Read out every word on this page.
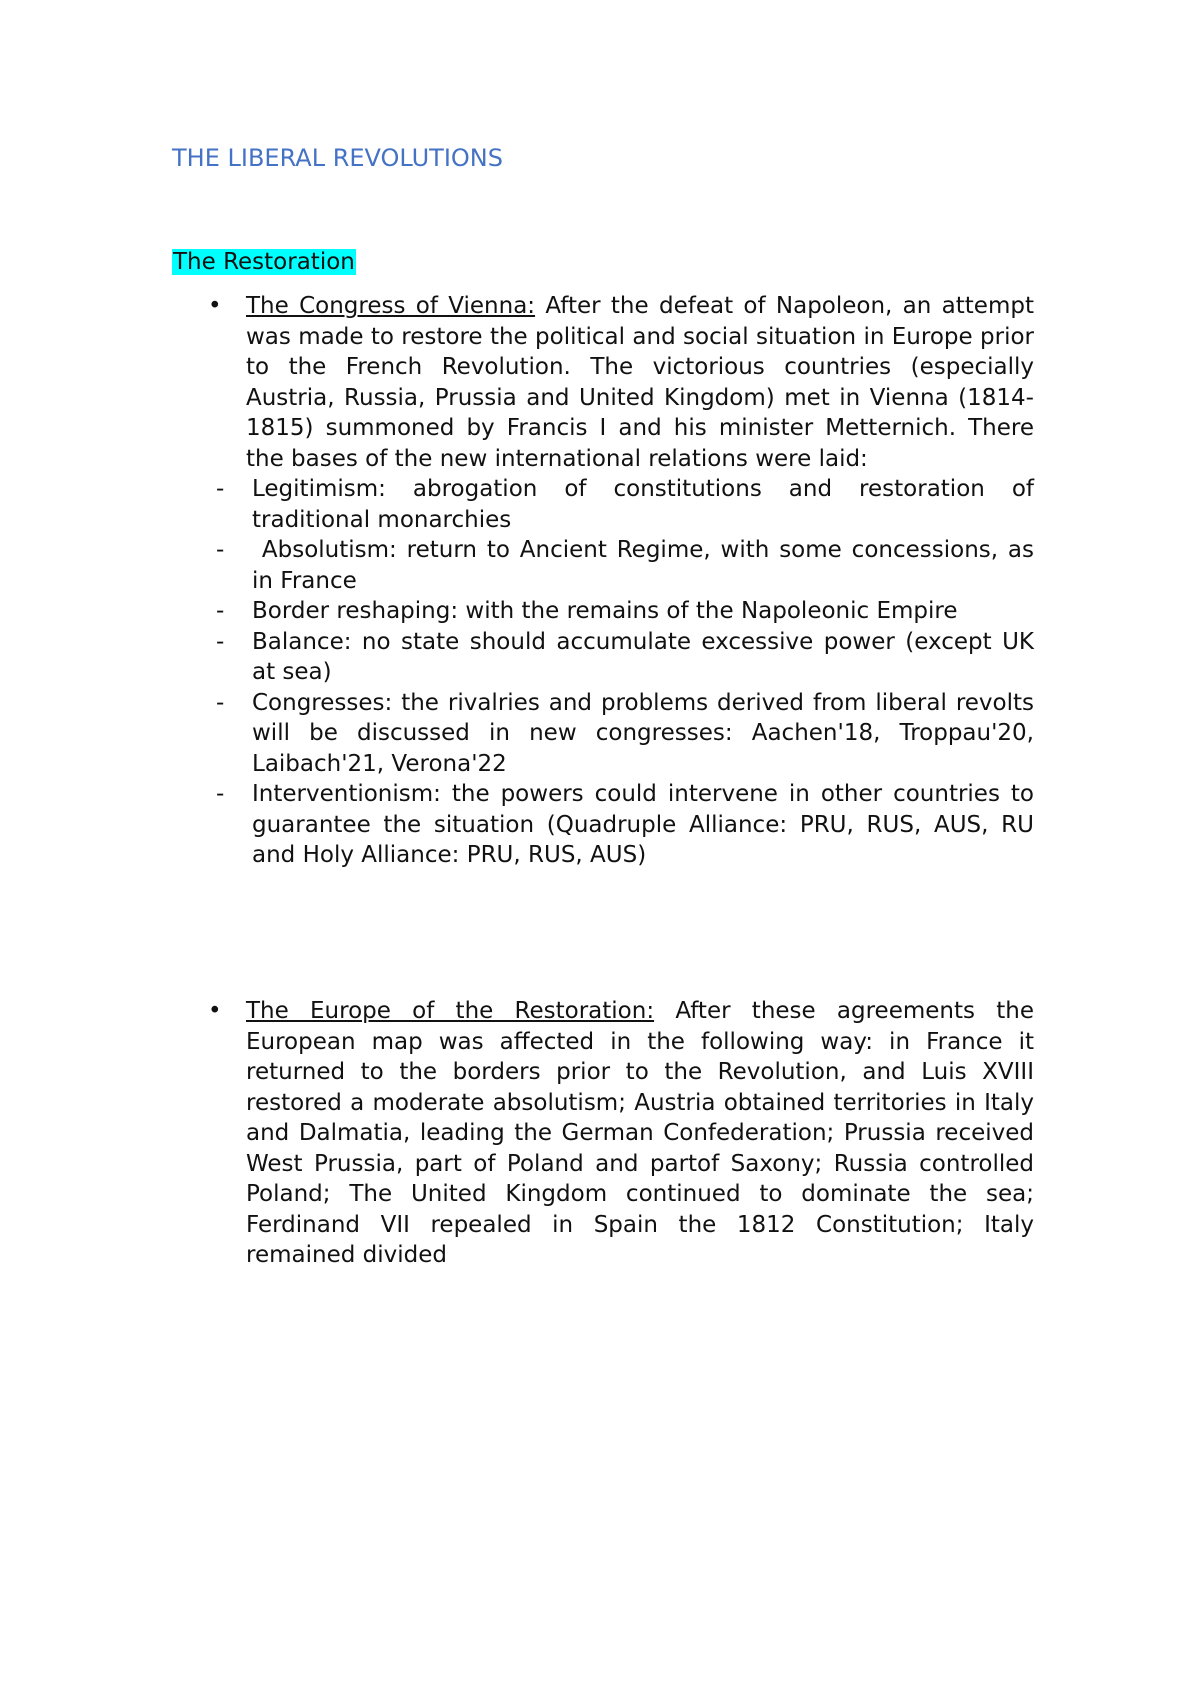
THE LIBERAL REVOLUTIONS
The Restoration
• The Congress of Vienna: After the defeat of Napoleon, an attempt was made to restore the political and social situation in Europe prior to the French Revolution. The victorious countries (especially Austria, Russia, Prussia and United Kingdom) met in Vienna (1814-1815) summoned by Francis I and his minister Metternich. There the bases of the new international relations were laid:
- Legitimism: abrogation of constitutions and restoration of traditional monarchies
- Absolutism: return to Ancient Regime, with some concessions, as in France
- Border reshaping: with the remains of the Napoleonic Empire
- Balance: no state should accumulate excessive power (except UK at sea)
- Congresses: the rivalries and problems derived from liberal revolts will be discussed in new congresses: Aachen'18, Troppau'20, Laibach'21, Verona'22
- Interventionism: the powers could intervene in other countries to guarantee the situation (Quadruple Alliance: PRU, RUS, AUS, RU and Holy Alliance: PRU, RUS, AUS)
• The Europe of the Restoration: After these agreements the European map was affected in the following way: in France it returned to the borders prior to the Revolution, and Luis XVIII restored a moderate absolutism; Austria obtained territories in Italy and Dalmatia, leading the German Confederation; Prussia received West Prussia, part of Poland and partof Saxony; Russia controlled Poland; The United Kingdom continued to dominate the sea; Ferdinand VII repealed in Spain the 1812 Constitution; Italy remained divided
